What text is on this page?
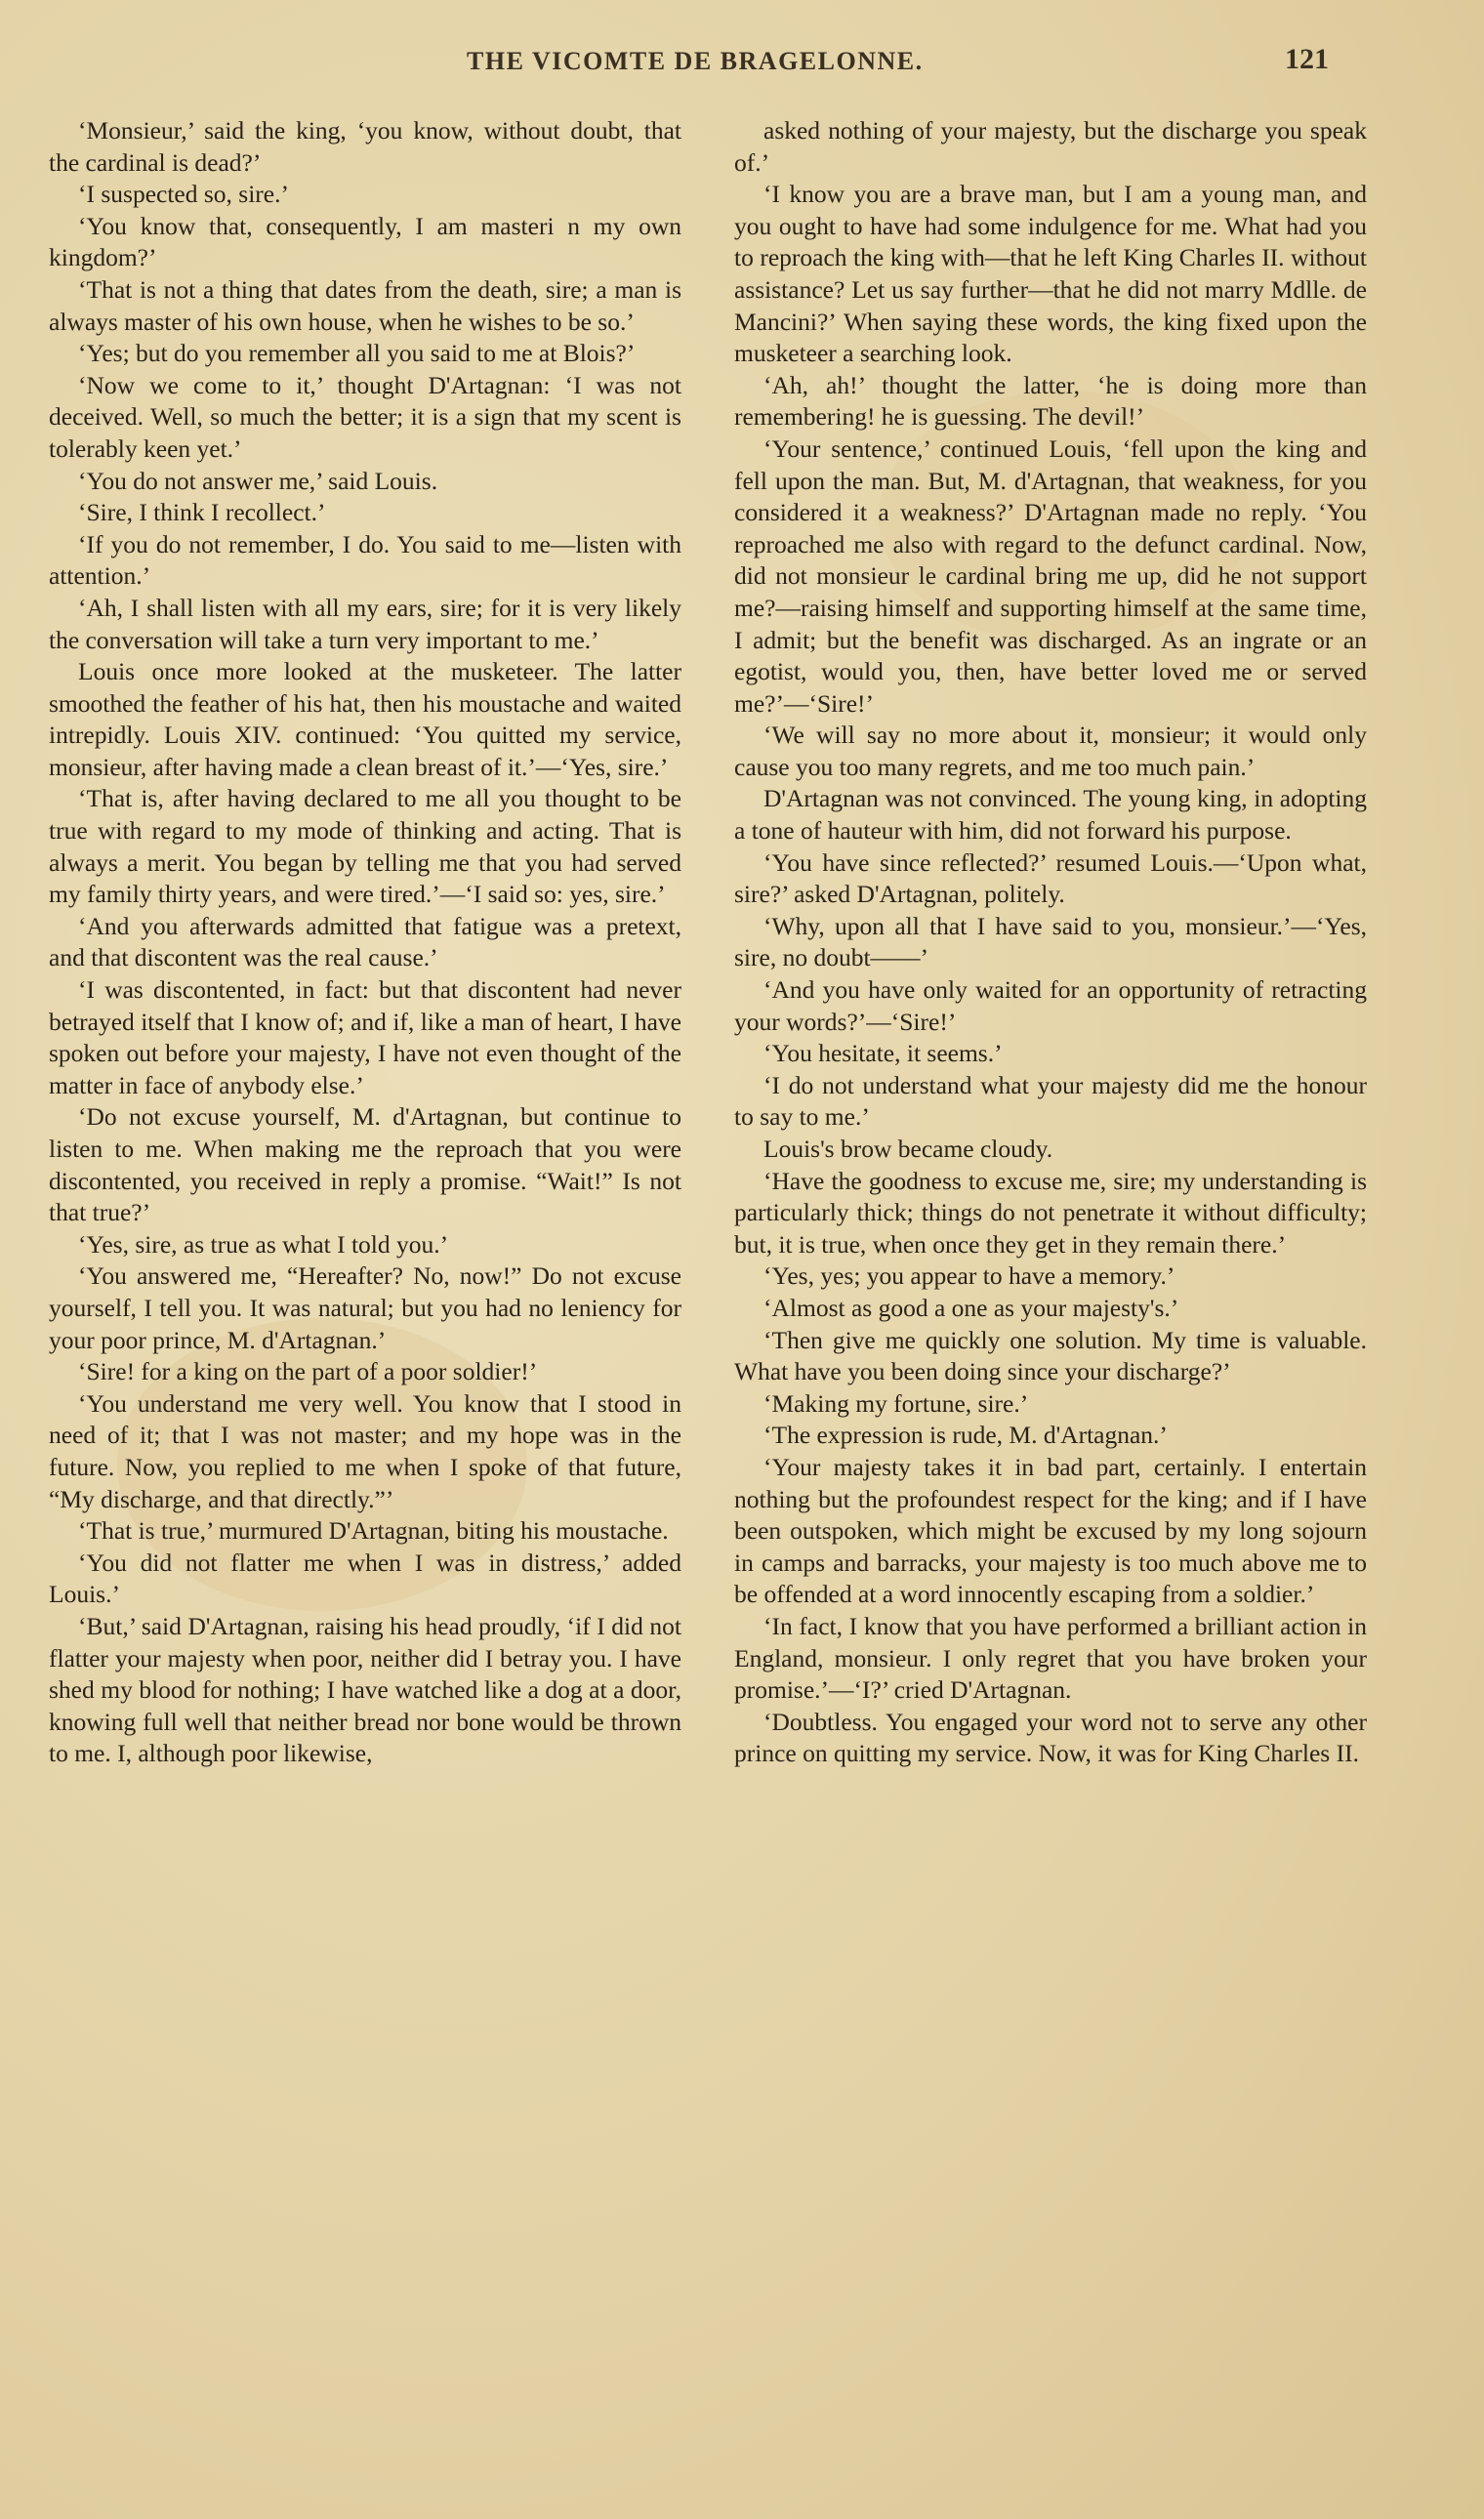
THE VICOMTE DE BRAGELONNE.	121

‘Monsieur,’ said the king, ‘you know, without doubt, that the cardinal is dead?’

‘I suspected so, sire.’

‘You know that, consequently, I am masteri n my own kingdom?’

‘That is not a thing that dates from the death, sire; a man is always master of his own house, when he wishes to be so.’

‘Yes; but do you remember all you said to me at Blois?’

‘Now we come to it,’ thought D'Artagnan: ‘I was not deceived. Well, so much the better; it is a sign that my scent is tolerably keen yet.’

‘You do not answer me,’ said Louis.

‘Sire, I think I recollect.’

‘If you do not remember, I do. You said to me—listen with attention.’

‘Ah, I shall listen with all my ears, sire; for it is very likely the conversation will take a turn very important to me.’

Louis once more looked at the musketeer. The latter smoothed the feather of his hat, then his moustache and waited intrepidly. Louis XIV. continued: ‘You quitted my service, monsieur, after having made a clean breast of it.’—‘Yes, sire.’

‘That is, after having declared to me all you thought to be true with regard to my mode of thinking and acting. That is always a merit. You began by telling me that you had served my family thirty years, and were tired.’—‘I said so: yes, sire.’

‘And you afterwards admitted that fatigue was a pretext, and that discontent was the real cause.’

‘I was discontented, in fact: but that discontent had never betrayed itself that I know of; and if, like a man of heart, I have spoken out before your majesty, I have not even thought of the matter in face of anybody else.’

‘Do not excuse yourself, M. d'Artagnan, but continue to listen to me. When making me the reproach that you were discontented, you received in reply a promise. “Wait!” Is not that true?’

‘Yes, sire, as true as what I told you.’

‘You answered me, “Hereafter? No, now!” Do not excuse yourself, I tell you. It was natural; but you had no leniency for your poor prince, M. d'Artagnan.’

‘Sire! for a king on the part of a poor soldier!’

‘You understand me very well. You know that I stood in need of it; that I was not master; and my hope was in the future. Now, you replied to me when I spoke of that future, “My discharge, and that directly.”’

‘That is true,’ murmured D'Artagnan, biting his moustache.

‘You did not flatter me when I was in distress,’ added Louis.’

‘But,’ said D'Artagnan, raising his head proudly, ‘if I did not flatter your majesty when poor, neither did I betray you. I have shed my blood for nothing; I have watched like a dog at a door, knowing full well that neither bread nor bone would be thrown to me. I, although poor likewise,

asked nothing of your majesty, but the discharge you speak of.’

‘I know you are a brave man, but I am a young man, and you ought to have had some indulgence for me. What had you to reproach the king with—that he left King Charles II. without assistance? Let us say further—that he did not marry Mdlle. de Mancini?’ When saying these words, the king fixed upon the musketeer a searching look.

‘Ah, ah!’ thought the latter, ‘he is doing more than remembering! he is guessing. The devil!’

‘Your sentence,’ continued Louis, ‘fell upon the king and fell upon the man. But, M. d'Artagnan, that weakness, for you considered it a weakness?’ D'Artagnan made no reply. ‘You reproached me also with regard to the defunct cardinal. Now, did not monsieur le cardinal bring me up, did he not support me?—raising himself and supporting himself at the same time, I admit; but the benefit was discharged. As an ingrate or an egotist, would you, then, have better loved me or served me?’—‘Sire!’

‘We will say no more about it, monsieur; it would only cause you too many regrets, and me too much pain.’

D'Artagnan was not convinced. The young king, in adopting a tone of hauteur with him, did not forward his purpose.

‘You have since reflected?’ resumed Louis.—‘Upon what, sire?’ asked D'Artagnan, politely.

‘Why, upon all that I have said to you, monsieur.’—‘Yes, sire, no doubt——’

‘And you have only waited for an opportunity of retracting your words?’—‘Sire!’

‘You hesitate, it seems.’

‘I do not understand what your majesty did me the honour to say to me.’

Louis's brow became cloudy.

‘Have the goodness to excuse me, sire; my understanding is particularly thick; things do not penetrate it without difficulty; but, it is true, when once they get in they remain there.’

‘Yes, yes; you appear to have a memory.’

‘Almost as good a one as your majesty's.’

‘Then give me quickly one solution. My time is valuable. What have you been doing since your discharge?’

‘Making my fortune, sire.’

‘The expression is rude, M. d'Artagnan.’

‘Your majesty takes it in bad part, certainly. I entertain nothing but the profoundest respect for the king; and if I have been outspoken, which might be excused by my long sojourn in camps and barracks, your majesty is too much above me to be offended at a word innocently escaping from a soldier.’

‘In fact, I know that you have performed a brilliant action in England, monsieur. I only regret that you have broken your promise.’—‘I?’ cried D'Artagnan.

‘Doubtless. You engaged your word not to serve any other prince on quitting my service. Now, it was for King Charles II.
